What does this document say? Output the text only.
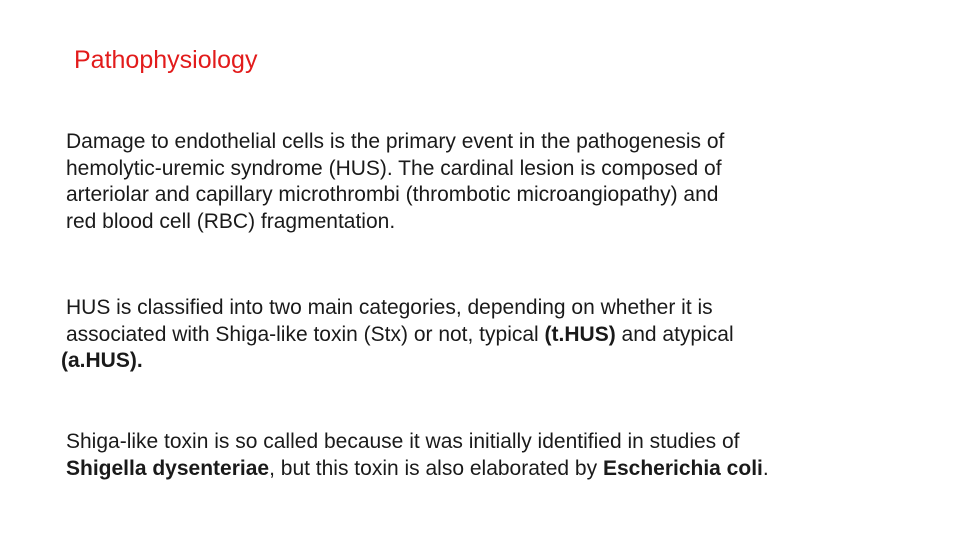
Pathophysiology

Damage to endothelial cells is the primary event in the pathogenesis of
hemolytic-uremic syndrome (HUS). The cardinal lesion is composed of
arteriolar and capillary microthrombi (thrombotic microangiopathy) and
red blood cell (RBC) fragmentation.

HUS is classified into two main categories, depending on whether it is
associated with Shiga-like toxin (Stx) or not, typical (t.HUS) and atypical
(a.HUS).

Shiga-like toxin is so called because it was initially identified in studies of
Shigella dysenteriae, but this toxin is also elaborated by Escherichia coli.
